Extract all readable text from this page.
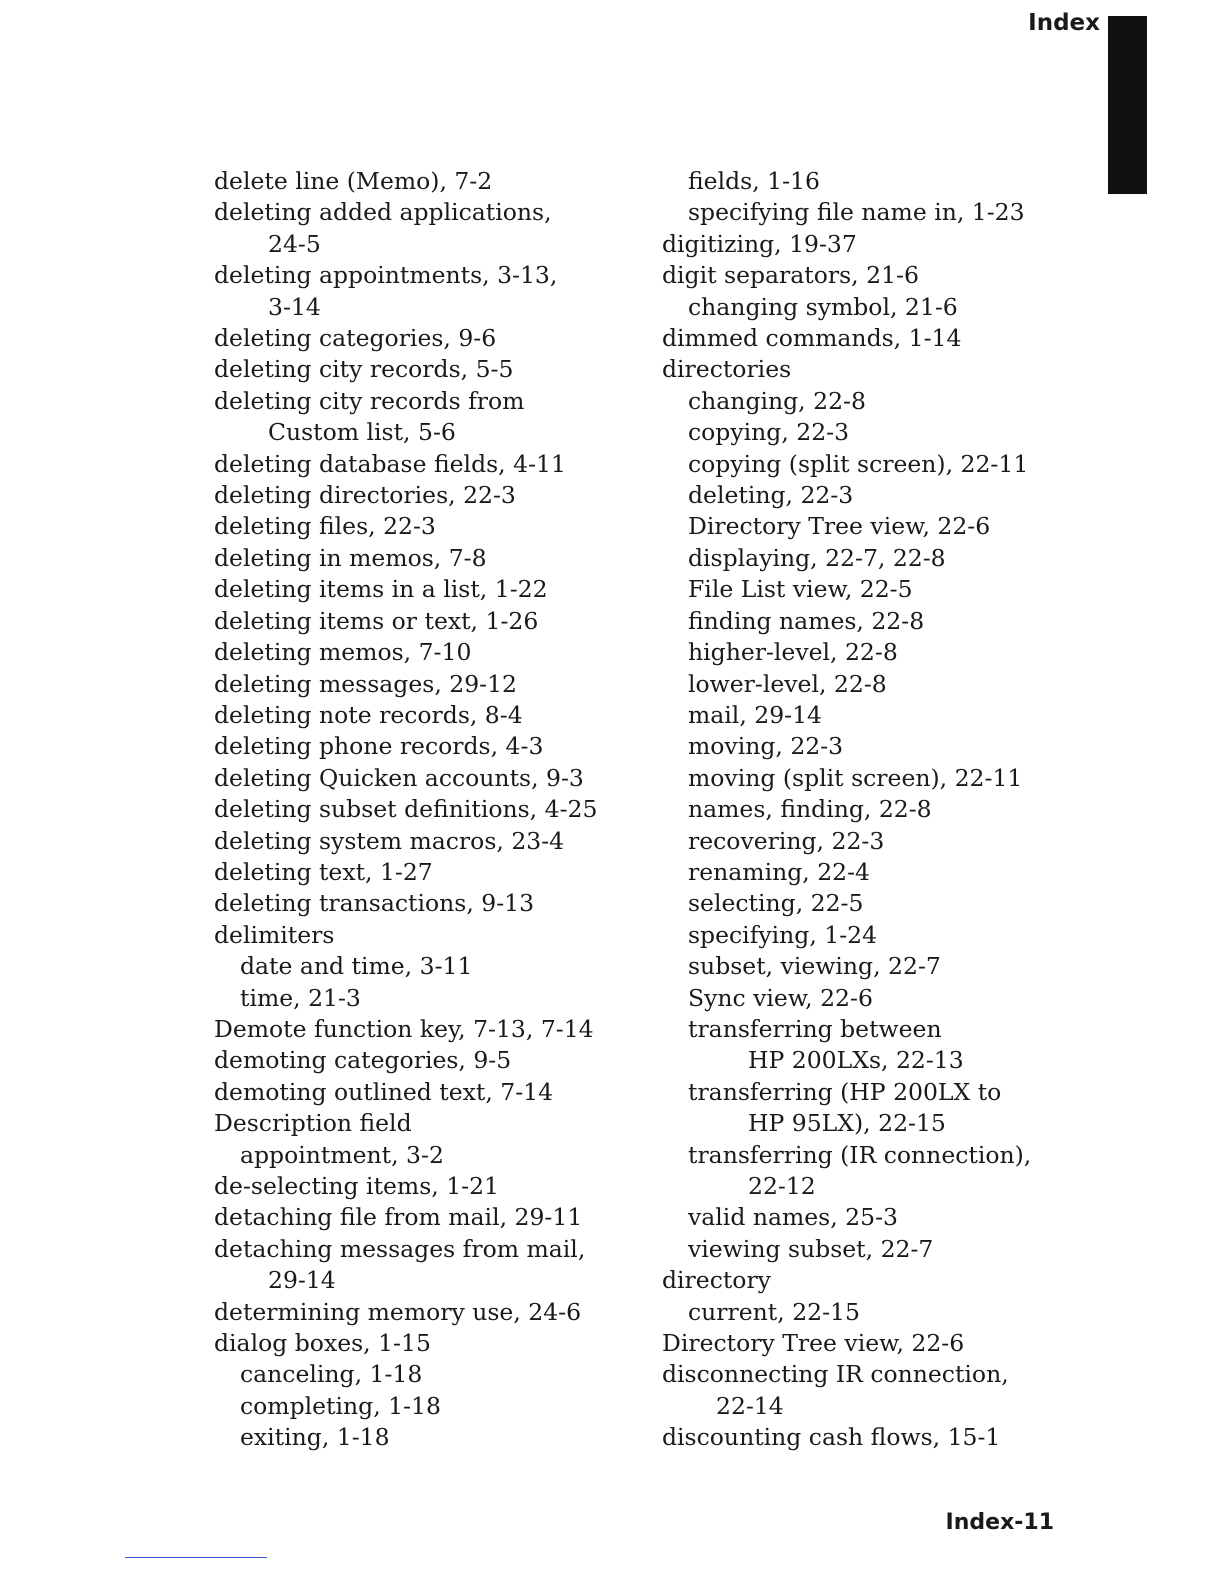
Index
delete line (Memo), 7-2
deleting added applications,
24-5
deleting appointments, 3-13,
3-14
deleting categories, 9-6
deleting city records, 5-5
deleting city records from
Custom list, 5-6
deleting database fields, 4-11
deleting directories, 22-3
deleting files, 22-3
deleting in memos, 7-8
deleting items in a list, 1-22
deleting items or text, 1-26
deleting memos, 7-10
deleting messages, 29-12
deleting note records, 8-4
deleting phone records, 4-3
deleting Quicken accounts, 9-3
deleting subset definitions, 4-25
deleting system macros, 23-4
deleting text, 1-27
deleting transactions, 9-13
delimiters
date and time, 3-11
time, 21-3
Demote function key, 7-13, 7-14
demoting categories, 9-5
demoting outlined text, 7-14
Description field
appointment, 3-2
de-selecting items, 1-21
detaching file from mail, 29-11
detaching messages from mail,
29-14
determining memory use, 24-6
dialog boxes, 1-15
canceling, 1-18
completing, 1-18
exiting, 1-18
fields, 1-16
specifying file name in, 1-23
digitizing, 19-37
digit separators, 21-6
changing symbol, 21-6
dimmed commands, 1-14
directories
changing, 22-8
copying, 22-3
copying (split screen), 22-11
deleting, 22-3
Directory Tree view, 22-6
displaying, 22-7, 22-8
File List view, 22-5
finding names, 22-8
higher-level, 22-8
lower-level, 22-8
mail, 29-14
moving, 22-3
moving (split screen), 22-11
names, finding, 22-8
recovering, 22-3
renaming, 22-4
selecting, 22-5
specifying, 1-24
subset, viewing, 22-7
Sync view, 22-6
transferring between
HP 200LXs, 22-13
transferring (HP 200LX to
HP 95LX), 22-15
transferring (IR connection),
22-12
valid names, 25-3
viewing subset, 22-7
directory
current, 22-15
Directory Tree view, 22-6
disconnecting IR connection,
22-14
discounting cash flows, 15-1
Index-11
